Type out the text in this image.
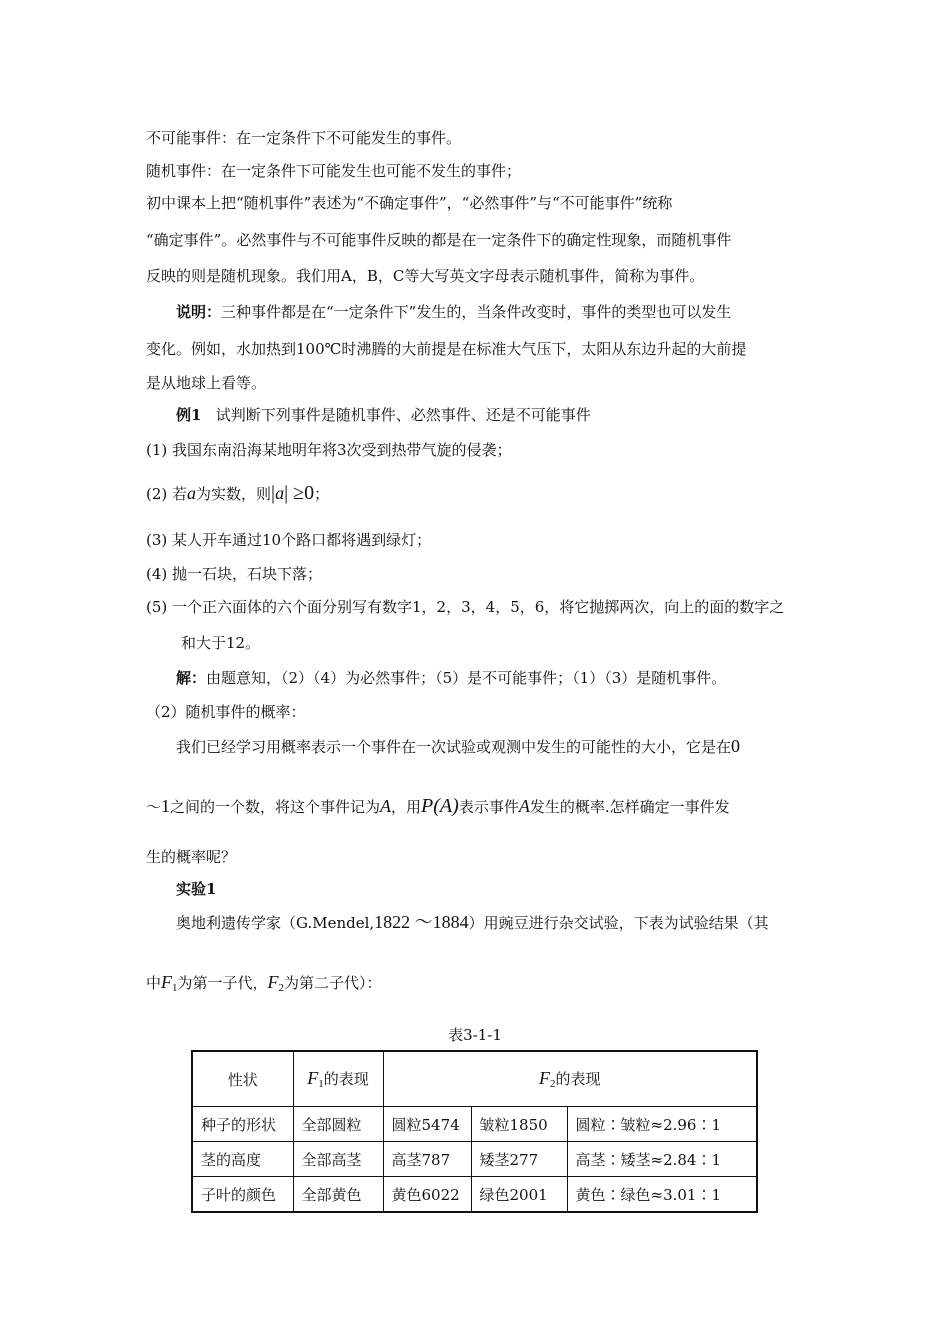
不可能事件：在一定条件下不可能发生的事件。
随机事件：在一定条件下可能发生也可能不发生的事件；
初中课本上把“随机事件”表述为“不确定事件”，“必然事件”与“不可能事件”统称
“确定事件”。必然事件与不可能事件反映的都是在一定条件下的确定性现象，而随机事件
反映的则是随机现象。我们用A，B，C等大写英文字母表示随机事件，简称为事件。
说明：三种事件都是在“一定条件下”发生的，当条件改变时，事件的类型也可以发生
变化。例如，水加热到100℃时沸腾的大前提是在标准大气压下，太阳从东边升起的大前提
是从地球上看等。
例1 试判断下列事件是随机事件、必然事件、还是不可能事件
(1) 我国东南沿海某地明年将3次受到热带气旋的侵袭；
(2) 若a为实数，则|a| ≥0；
(3) 某人开车通过10个路口都将遇到绿灯；
(4) 抛一石块，石块下落；
(5) 一个正六面体的六个面分别写有数字1，2，3，4，5，6，将它抛掷两次，向上的面的数字之
和大于12。
解：由题意知，（2）（4）为必然事件；（5）是不可能事件；（1）（3）是随机事件。
（2）随机事件的概率：
我们已经学习用概率表示一个事件在一次试验或观测中发生的可能性的大小，它是在0
～1之间的一个数，将这个事件记为A，用P(A)表示事件A发生的概率.怎样确定一事件发
生的概率呢？
实验1
奥地利遗传学家（G.Mendel,1822 ～1884）用豌豆进行杂交试验，下表为试验结果（其
中$F_1$为第一子代，$F_2$为第二子代）：
表3-1-1
性状	$F_1$的表现	$F_2$的表现		
种子的形状	全部圆粒	圆粒5474	皱粒1850	圆粒∶皱粒≈2.96∶1
茎的高度	全部高茎	高茎787	矮茎277	高茎∶矮茎≈2.84∶1
子叶的颜色	全部黄色	黄色6022	绿色2001	黄色∶绿色≈3.01∶1
